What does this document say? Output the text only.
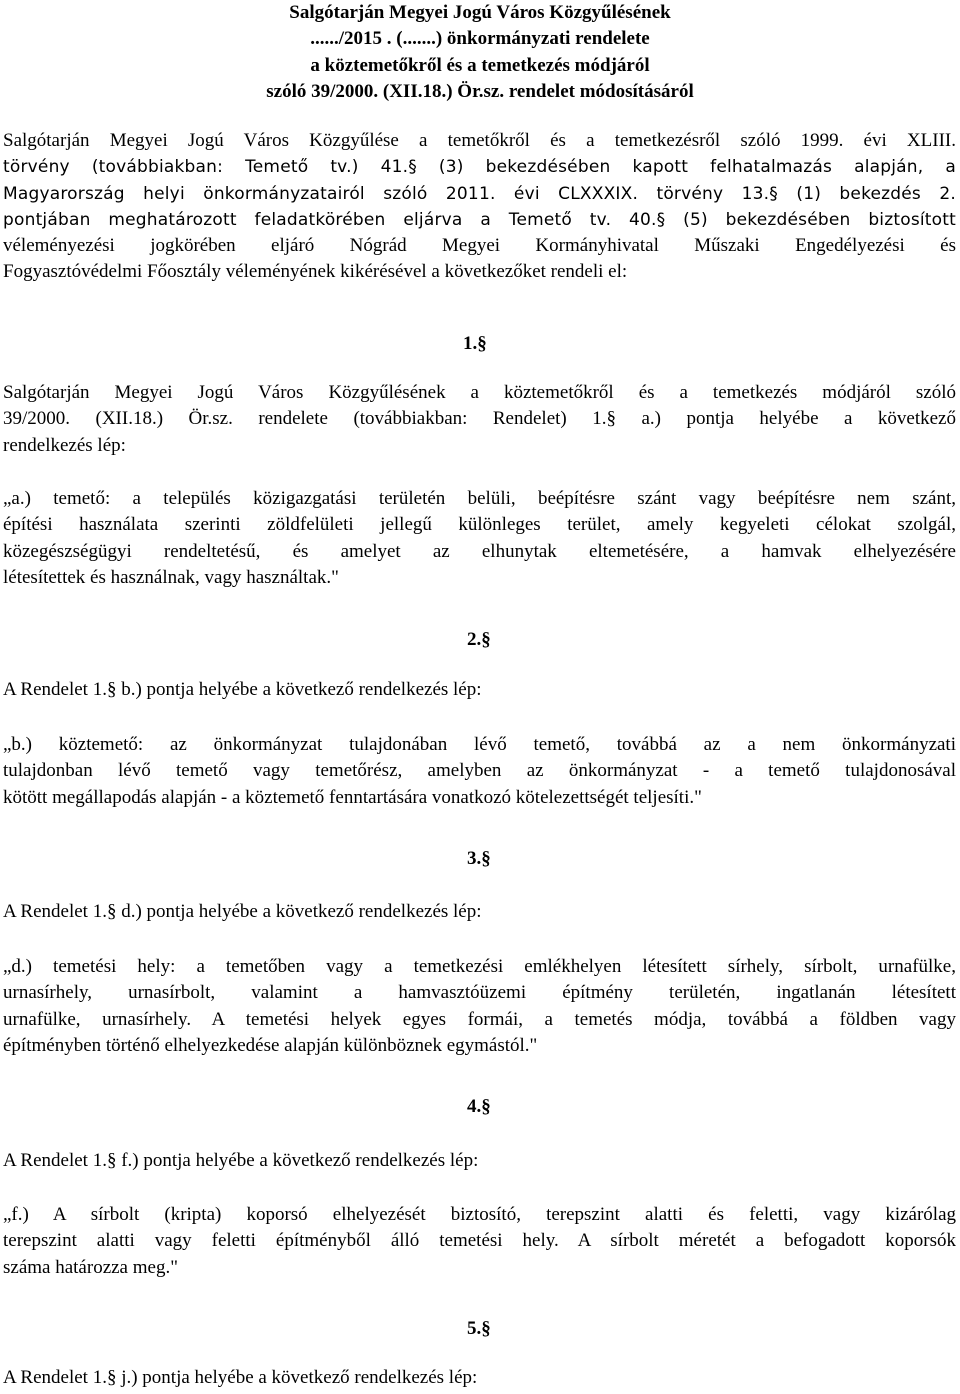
Salgótarján Megyei Jogú Város Közgyűlésének
....../2015 . (.......) önkormányzati rendelete
a köztemetőkről és a temetkezés módjáról
szóló 39/2000. (XII.18.) Ör.sz. rendelet módosításáról
Salgótarján Megyei Jogú Város Közgyűlése a temetőkről és a temetkezésről szóló 1999. évi XLIII.
törvény (továbbiakban: Temető tv.) 41.§ (3) bekezdésében kapott felhatalmazás alapján, a
Magyarország helyi önkormányzatairól szóló 2011. évi CLXXXIX. törvény 13.§ (1) bekezdés 2.
pontjában meghatározott feladatkörében eljárva a Temető tv. 40.§ (5) bekezdésében biztosított
véleményezési jogkörében eljáró Nógrád Megyei Kormányhivatal Műszaki Engedélyezési és
Fogyasztóvédelmi Főosztály véleményének kikérésével a következőket rendeli el:
1.§
Salgótarján Megyei Jogú Város Közgyűlésének a köztemetőkről és a temetkezés módjáról szóló
39/2000. (XII.18.) Ör.sz. rendelete (továbbiakban: Rendelet) 1.§ a.) pontja helyébe a következő
rendelkezés lép:
„a.) temető: a település közigazgatási területén belüli, beépítésre szánt vagy beépítésre nem szánt,
építési használata szerinti zöldfelületi jellegű különleges terület, amely kegyeleti célokat szolgál,
közegészségügyi rendeltetésű, és amelyet az elhunytak eltemetésére, a hamvak elhelyezésére
létesítettek és használnak, vagy használtak."
2.§
A Rendelet 1.§ b.) pontja helyébe a következő rendelkezés lép:
„b.) köztemető: az önkormányzat tulajdonában lévő temető, továbbá az a nem önkormányzati
tulajdonban lévő temető vagy temetőrész, amelyben az önkormányzat - a temető tulajdonosával
kötött megállapodás alapján - a köztemető fenntartására vonatkozó kötelezettségét teljesíti."
3.§
A Rendelet 1.§ d.) pontja helyébe a következő rendelkezés lép:
„d.) temetési hely: a temetőben vagy a temetkezési emlékhelyen létesített sírhely, sírbolt, urnafülke,
urnasírhely, urnasírbolt, valamint a hamvasztóüzemi építmény területén, ingatlanán létesített
urnafülke, urnasírhely. A temetési helyek egyes formái, a temetés módja, továbbá a földben vagy
építményben történő elhelyezkedése alapján különböznek egymástól."
4.§
A Rendelet 1.§ f.) pontja helyébe a következő rendelkezés lép:
„f.) A sírbolt (kripta) koporsó elhelyezését biztosító, terepszint alatti és feletti, vagy kizárólag
terepszint alatti vagy feletti építményből álló temetési hely. A sírbolt méretét a befogadott koporsók
száma határozza meg."
5.§
A Rendelet 1.§ j.) pontja helyébe a következő rendelkezés lép:
